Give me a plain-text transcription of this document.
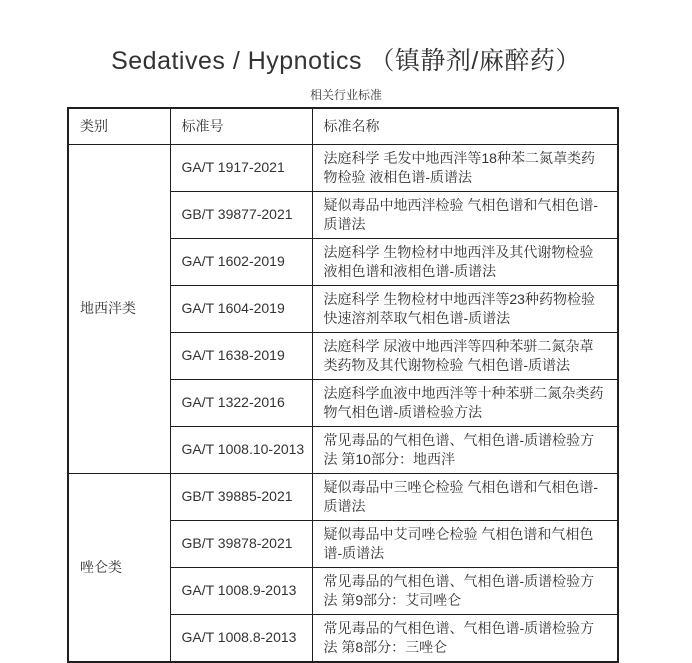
Sedatives / Hypnotics （镇静剂/麻醉药）
相关行业标准
类别	标准号	标准名称
地西泮类	GA/T 1917-2021	法庭科学 毛发中地西泮等18种苯二氮䓬类药物检验 液相色谱-质谱法
	GB/T 39877-2021	疑似毒品中地西泮检验 气相色谱和气相色谱-质谱法
	GA/T 1602-2019	法庭科学 生物检材中地西泮及其代谢物检验 液相色谱和液相色谱-质谱法
	GA/T 1604-2019	法庭科学 生物检材中地西泮等23种药物检验 快速溶剂萃取气相色谱-质谱法
	GA/T 1638-2019	法庭科学 尿液中地西泮等四种苯骈二氮杂䓬类药物及其代谢物检验 气相色谱-质谱法
	GA/T 1322-2016	法庭科学血液中地西泮等十种苯骈二氮杂类药物气相色谱-质谱检验方法
	GA/T 1008.10-2013	常见毒品的气相色谱、气相色谱-质谱检验方法 第10部分：地西泮
唑仑类	GB/T 39885-2021	疑似毒品中三唑仑检验 气相色谱和气相色谱-质谱法
	GB/T 39878-2021	疑似毒品中艾司唑仑检验 气相色谱和气相色谱-质谱法
	GA/T 1008.9-2013	常见毒品的气相色谱、气相色谱-质谱检验方法 第9部分：艾司唑仑
	GA/T 1008.8-2013	常见毒品的气相色谱、气相色谱-质谱检验方法 第8部分：三唑仑
